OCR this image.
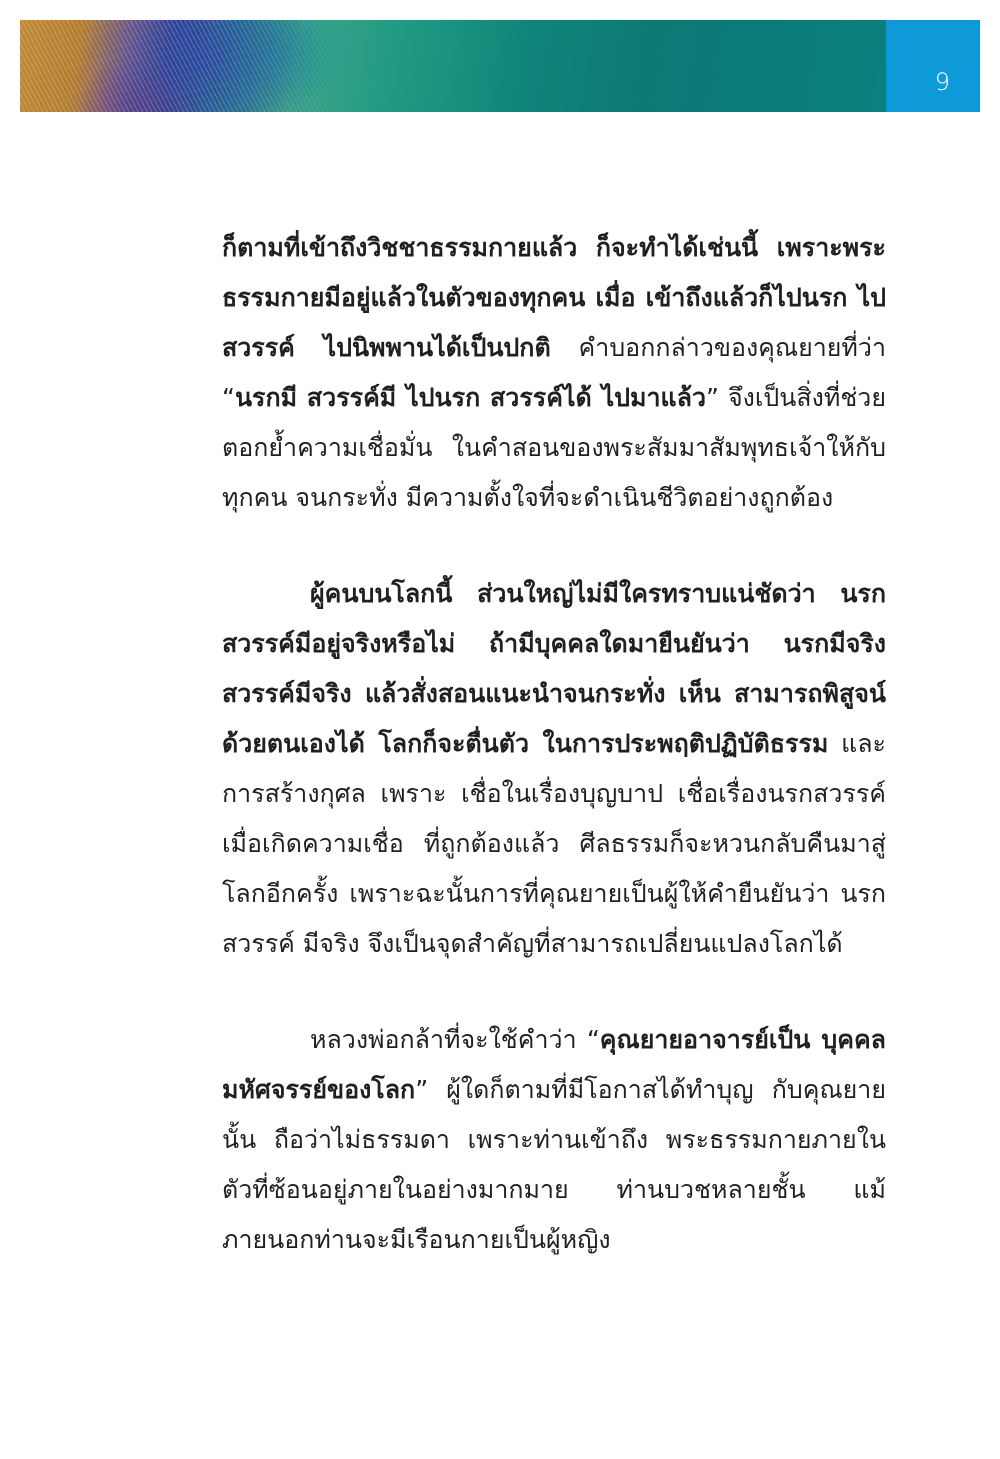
9

ก็ตามที่เข้าถึงวิชชาธรรมกายแล้ว ก็จะทำได้เช่นนี้ เพราะพระธรรมกายมีอยู่แล้วในตัวของทุกคน เมื่อ เข้าถึงแล้วก็ไปนรก ไปสวรรค์ ไปนิพพานได้เป็นปกติ คำบอกกล่าวของคุณยายที่ว่า “นรกมี สวรรค์มี ไปนรก สวรรค์ได้ ไปมาแล้ว” จึงเป็นสิ่งที่ช่วยตอกย้ำความเชื่อมั่น ในคำสอนของพระสัมมาสัมพุทธเจ้าให้กับทุกคน จนกระทั่ง มีความตั้งใจที่จะดำเนินชีวิตอย่างถูกต้อง

ผู้คนบนโลกนี้ ส่วนใหญ่ไม่มีใครทราบแน่ชัดว่า นรก สวรรค์มีอยู่จริงหรือไม่ ถ้ามีบุคคลใดมายืนยันว่า นรกมีจริง สวรรค์มีจริง แล้วสั่งสอนแนะนำจนกระทั่ง เห็น สามารถพิสูจน์ด้วยตนเองได้ โลกก็จะตื่นตัว ในการประพฤติปฏิบัติธรรม และการสร้างกุศล เพราะ เชื่อในเรื่องบุญบาป เชื่อเรื่องนรกสวรรค์ เมื่อเกิดความเชื่อ ที่ถูกต้องแล้ว ศีลธรรมก็จะหวนกลับคืนมาสู่โลกอีกครั้ง เพราะฉะนั้นการที่คุณยายเป็นผู้ให้คำยืนยันว่า นรกสวรรค์ มีจริง จึงเป็นจุดสำคัญที่สามารถเปลี่ยนแปลงโลกได้

หลวงพ่อกล้าที่จะใช้คำว่า “คุณยายอาจารย์เป็น บุคคลมหัศจรรย์ของโลก” ผู้ใดก็ตามที่มีโอกาสได้ทำบุญ กับคุณยายนั้น ถือว่าไม่ธรรมดา เพราะท่านเข้าถึง พระธรรมกายภายในตัวที่ซ้อนอยู่ภายในอย่างมากมาย ท่านบวชหลายชั้น แม้ภายนอกท่านจะมีเรือนกายเป็นผู้หญิง
